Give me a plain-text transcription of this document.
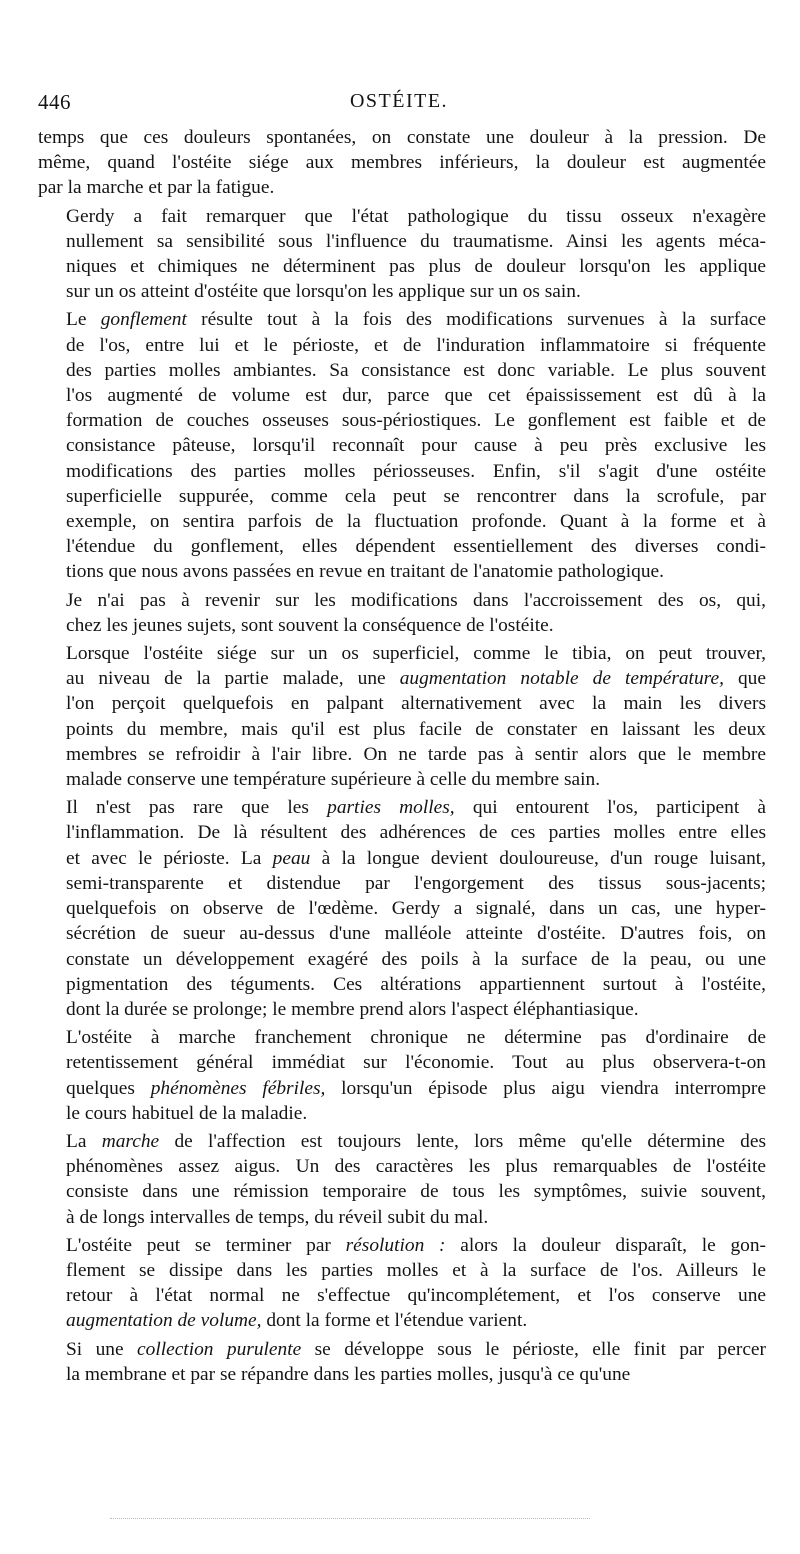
446	OSTÉITE.
temps que ces douleurs spontanées, on constate une douleur à la pression. De
même, quand l'ostéite siége aux membres inférieurs, la douleur est augmentée
par la marche et par la fatigue.
Gerdy a fait remarquer que l'état pathologique du tissu osseux n'exagère
nullement sa sensibilité sous l'influence du traumatisme. Ainsi les agents méca-
niques et chimiques ne déterminent pas plus de douleur lorsqu'on les applique
sur un os atteint d'ostéite que lorsqu'on les applique sur un os sain.
Le gonflement résulte tout à la fois des modifications survenues à la surface
de l'os, entre lui et le périoste, et de l'induration inflammatoire si fréquente
des parties molles ambiantes. Sa consistance est donc variable. Le plus souvent
l'os augmenté de volume est dur, parce que cet épaississement est dû à la
formation de couches osseuses sous-périostiques. Le gonflement est faible et de
consistance pâteuse, lorsqu'il reconnaît pour cause à peu près exclusive les
modifications des parties molles périosseuses. Enfin, s'il s'agit d'une ostéite
superficielle suppurée, comme cela peut se rencontrer dans la scrofule, par
exemple, on sentira parfois de la fluctuation profonde. Quant à la forme et à
l'étendue du gonflement, elles dépendent essentiellement des diverses condi-
tions que nous avons passées en revue en traitant de l'anatomie pathologique.
Je n'ai pas à revenir sur les modifications dans l'accroissement des os, qui,
chez les jeunes sujets, sont souvent la conséquence de l'ostéite.
Lorsque l'ostéite siége sur un os superficiel, comme le tibia, on peut trouver,
au niveau de la partie malade, une augmentation notable de température, que
l'on perçoit quelquefois en palpant alternativement avec la main les divers
points du membre, mais qu'il est plus facile de constater en laissant les deux
membres se refroidir à l'air libre. On ne tarde pas à sentir alors que le membre
malade conserve une température supérieure à celle du membre sain.
Il n'est pas rare que les parties molles, qui entourent l'os, participent à
l'inflammation. De là résultent des adhérences de ces parties molles entre elles
et avec le périoste. La peau à la longue devient douloureuse, d'un rouge luisant,
semi-transparente et distendue par l'engorgement des tissus sous-jacents;
quelquefois on observe de l'œdème. Gerdy a signalé, dans un cas, une hyper-
sécrétion de sueur au-dessus d'une malléole atteinte d'ostéite. D'autres fois, on
constate un développement exagéré des poils à la surface de la peau, ou une
pigmentation des téguments. Ces altérations appartiennent surtout à l'ostéite,
dont la durée se prolonge; le membre prend alors l'aspect éléphantiasique.
L'ostéite à marche franchement chronique ne détermine pas d'ordinaire de
retentissement général immédiat sur l'économie. Tout au plus observera-t-on
quelques phénomènes fébriles, lorsqu'un épisode plus aigu viendra interrompre
le cours habituel de la maladie.
La marche de l'affection est toujours lente, lors même qu'elle détermine des
phénomènes assez aigus. Un des caractères les plus remarquables de l'ostéite
consiste dans une rémission temporaire de tous les symptômes, suivie souvent,
à de longs intervalles de temps, du réveil subit du mal.
L'ostéite peut se terminer par résolution : alors la douleur disparaît, le gon-
flement se dissipe dans les parties molles et à la surface de l'os. Ailleurs le
retour à l'état normal ne s'effectue qu'incomplétement, et l'os conserve une
augmentation de volume, dont la forme et l'étendue varient.
Si une collection purulente se développe sous le périoste, elle finit par percer
la membrane et par se répandre dans les parties molles, jusqu'à ce qu'une
